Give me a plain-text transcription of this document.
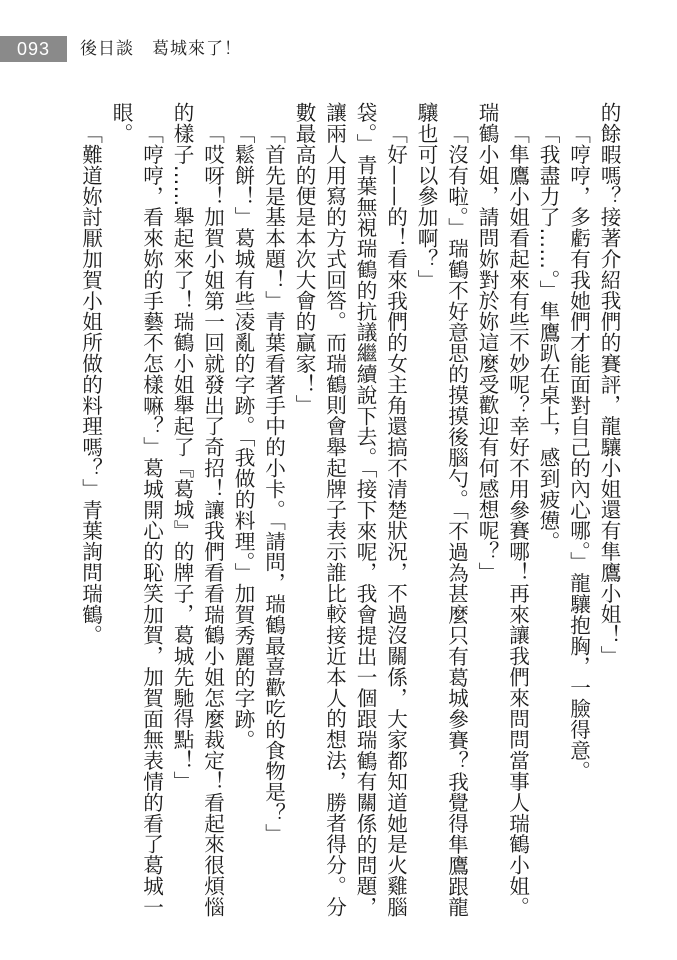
093 後日談　葛城來了！

的餘暇嗎？接著介紹我們的賽評，龍驤小姐還有隼鷹小姐！」

「哼哼，多虧有我她們才能面對自己的內心哪。」龍驤抱胸，一臉得意。

「我盡力了……。」隼鷹趴在桌上，感到疲憊。

「隼鷹小姐看起來有些不妙呢？幸好不用參賽哪！再來讓我們來問問當事人瑞鶴小姐。瑞鶴小姐，請問妳對於妳這麼受歡迎有何感想呢？」

「沒有啦。」瑞鶴不好意思的摸摸後腦勺。「不過為甚麼只有葛城參賽？我覺得隼鷹跟龍驤也可以參加啊？」

「好——的！看來我們的女主角還搞不清楚狀況，不過沒關係，大家都知道她是火雞腦袋。」青葉無視瑞鶴的抗議繼續說下去。「接下來呢，我會提出一個跟瑞鶴有關係的問題，讓兩人用寫的方式回答。而瑞鶴則會舉起牌子表示誰比較接近本人的想法，勝者得分。分數最高的便是本次大會的贏家！」

「首先是基本題！」青葉看著手中的小卡。「請問，瑞鶴最喜歡吃的食物是？」

「鬆餅！」葛城有些凌亂的字跡。「我做的料理。」加賀秀麗的字跡。

「哎呀！加賀小姐第一回就發出了奇招！讓我們看看瑞鶴小姐怎麼裁定！看起來很煩惱的樣子……舉起來了！瑞鶴小姐舉起了『葛城』的牌子，葛城先馳得點！」

「哼哼，看來妳的手藝不怎樣嘛？」葛城開心的恥笑加賀，加賀面無表情的看了葛城一眼。

「難道妳討厭加賀小姐所做的料理嗎？」青葉詢問瑞鶴。
